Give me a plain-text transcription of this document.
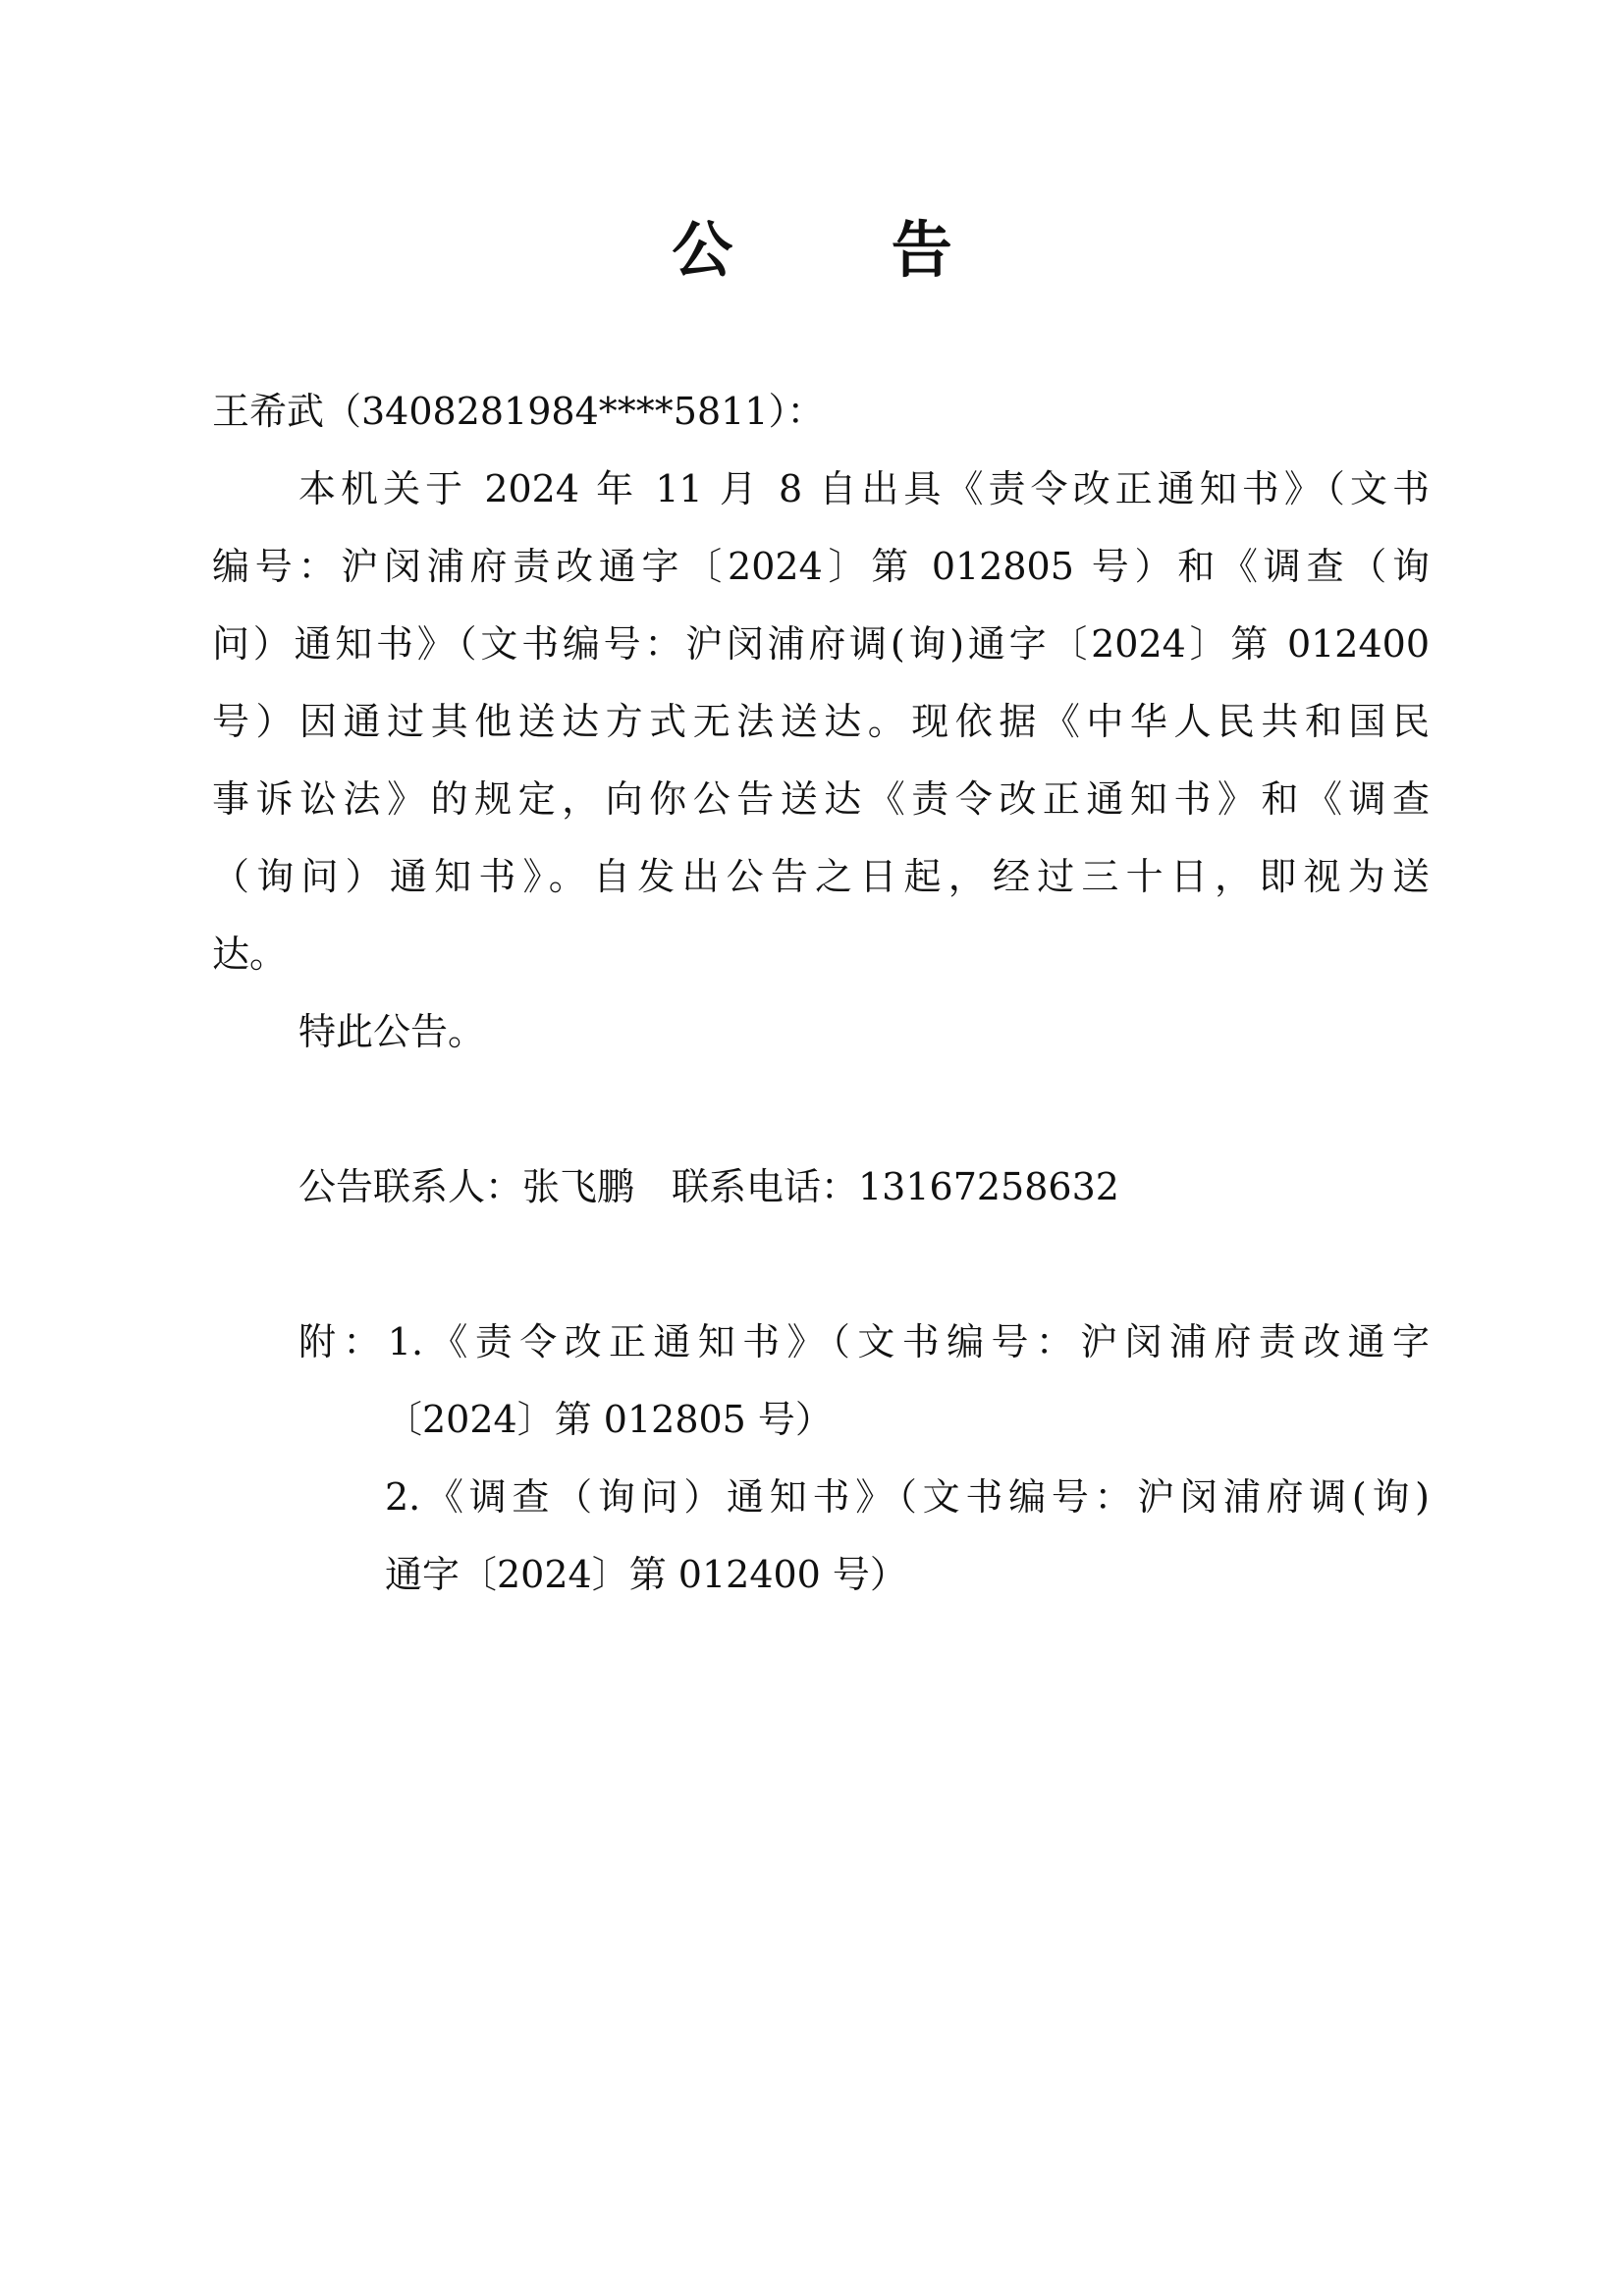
公 告
王希武（3408281984****5811）：
本机关于 2024 年 11 月 8 自出具《责令改正通知书》（文书
编号：沪闵浦府责改通字〔2024〕第 012805 号）和《调查（询
问）通知书》（文书编号：沪闵浦府调(询)通字〔2024〕第 012400
号）因通过其他送达方式无法送达。现依据《中华人民共和国民
事诉讼法》的规定，向你公告送达《责令改正通知书》和《调查
（询问）通知书》。自发出公告之日起，经过三十日，即视为送
达。
特此公告。
公告联系人：张飞鹏　联系电话：13167258632
附：1.《责令改正通知书》（文书编号：沪闵浦府责改通字
〔2024〕第 012805 号）
2.《调查（询问）通知书》（文书编号：沪闵浦府调(询)
通字〔2024〕第 012400 号）
